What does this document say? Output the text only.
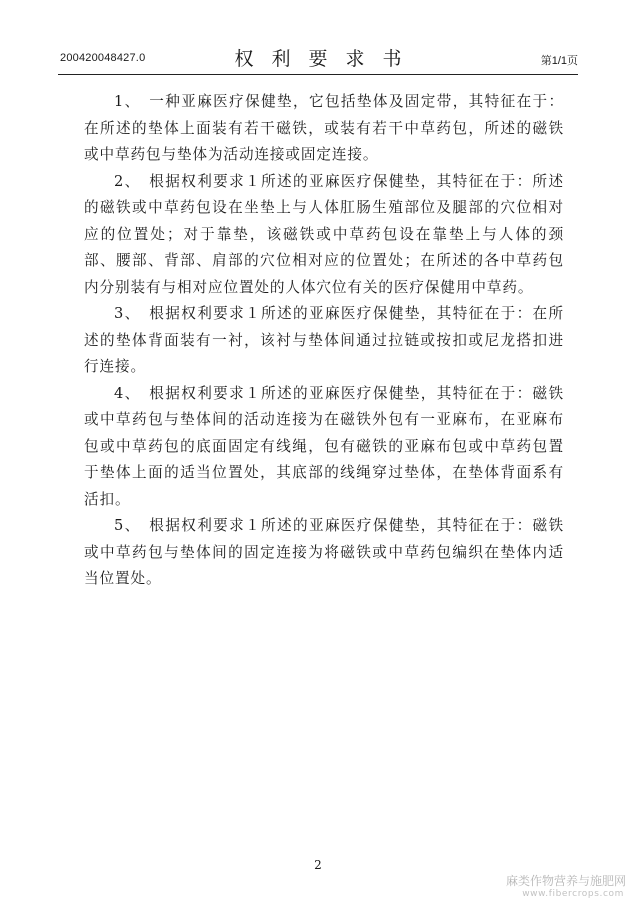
200420048427.0	权利要求书	第1/1页

1、　一种亚麻医疗保健垫，它包括垫体及固定带，其特征在于：在所述的垫体上面装有若干磁铁，或装有若干中草药包，所述的磁铁或中草药包与垫体为活动连接或固定连接。

2、　根据权利要求１所述的亚麻医疗保健垫，其特征在于：所述的磁铁或中草药包设在坐垫上与人体肛肠生殖部位及腿部的穴位相对应的位置处；对于靠垫，该磁铁或中草药包设在靠垫上与人体的颈部、腰部、背部、肩部的穴位相对应的位置处；在所述的各中草药包内分别装有与相对应位置处的人体穴位有关的医疗保健用中草药。

3、　根据权利要求１所述的亚麻医疗保健垫，其特征在于：在所述的垫体背面装有一衬，该衬与垫体间通过拉链或按扣或尼龙搭扣进行连接。

4、　根据权利要求１所述的亚麻医疗保健垫，其特征在于：磁铁或中草药包与垫体间的活动连接为在磁铁外包有一亚麻布，在亚麻布包或中草药包的底面固定有线绳，包有磁铁的亚麻布包或中草药包置于垫体上面的适当位置处，其底部的线绳穿过垫体，在垫体背面系有活扣。

5、　根据权利要求１所述的亚麻医疗保健垫，其特征在于：磁铁或中草药包与垫体间的固定连接为将磁铁或中草药包编织在垫体内适当位置处。

2
麻类作物营养与施肥网
www.fibercrops.com
